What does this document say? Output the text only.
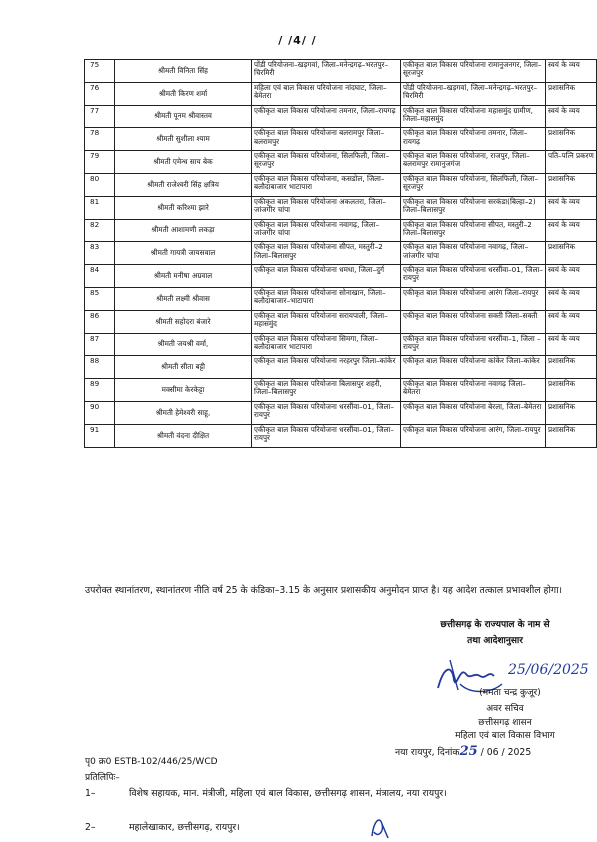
/ /4/ /
75	श्रीमती विनिता सिंह	पोंडी परियोजना–खड़गवां, जिला–मनेन्द्रगढ़–भरतपुर–चिरमिरी	एकीकृत बाल विकास परियोजना रामानुजनगर, जिला–सूरजपुर	स्वयं के व्यय
76	श्रीमती किरण शर्मा	महिला एवं बाल विकास परियोजना नांदघाट, जिला– बेमेतरा	पोंडी परियोजना–खड़गवां, जिला–मनेन्द्रगढ़–भरतपुर–चिरमिरी	प्रशासनिक
77	श्रीमती पूनम श्रीवास्तव	एकीकृत बाल विकास परियोजना तमनार, जिला–रायगढ़	एकीकृत बाल विकास परियोजना महासमुंद ग्रामीण, जिला–महासमुंद	स्वयं के व्यय
78	श्रीमती सुशीला श्याम	एकीकृत बाल विकास परियोजना बलरामपुर जिला– बलरामपुर	एकीकृत बाल विकास परियोजना तमनार, जिला–रायगढ़	प्रशासनिक
79	श्रीमती एमेन्ध साय बेक	एकीकृत बाल विकास परियोजना, सिलफिली, जिला–सूरजपुर	एकीकृत बाल विकास परियोजना, राजपुर, जिला–बलरामपुर रामानुजगंज	पति–पत्नि प्रकरण
80	श्रीमती राजेश्वरी सिंह क्षत्रिय	एकीकृत बाल विकास परियोजना, कसडोल, जिला– बलौदाबाजार भाटापारा	एकीकृत बाल विकास परियोजना, सिलफिली, जिला–सूरजपुर	प्रशासनिक
81	श्रीमती करिश्मा झारे	एकीकृत बाल विकास परियोजना अकलतरा, जिला–जांजगीर चांपा	एकीकृत बाल विकास परियोजना सरकंडा(बिल्हा–2) जिला–बिलासपुर	स्वयं के व्यय
82	श्रीमती आशामणी लकड़ा	एकीकृत बाल विकास परियोजना नवागढ़, जिला–जांजगीर चांपा	एकीकृत बाल विकास परियोजना सीपत, मस्तुरी–2 जिला–बिलासपुर	स्वयं के व्यय
83	श्रीमती गायत्री जायसवाल	एकीकृत बाल विकास परियोजना सीपत, मस्तुरी–2 जिला–बिलासपुर	एकीकृत बाल विकास परियोजना नवागढ़, जिला–जांजगीर चांपा	प्रशासनिक
84	श्रीमती मनीषा अग्रवाल	एकीकृत बाल विकास परियोजना धमधा, जिला–दुर्ग	एकीकृत बाल विकास परियोजना धरसींवा–01, जिला–रायपुर	स्वयं के व्यय
85	श्रीमती लक्ष्मी श्रीवास	एकीकृत बाल विकास परियोजना सोनाखान, जिला–बलौदाबाजार–भाटापारा	एकीकृत बाल विकास परियोजना आरंग जिला–रायपुर	स्वयं के व्यय
86	श्रीमती सहोदरा बंजारे	एकीकृत बाल विकास परियोजना सरायपाली, जिला–महासमुंद	एकीकृत बाल विकास परियोजना सक्ती जिला–सक्ती	स्वयं के व्यय
87	श्रीमती जयश्री वर्मा,	एकीकृत बाल विकास परियोजना सिमगा, जिला–बलौदाबाजार भाटापारा	एकीकृत बाल विकास परियोजना धरसींवा–1, जिला – रायपुर	स्वयं के व्यय
88	श्रीमती सीता बट्टी	एकीकृत बाल विकास परियोजना नरहरपुर जिला–कांकेर	एकीकृत बाल विकास परियोजना कांकेर जिला–कांकेर	प्रशासनिक
89	मक्सीमा केरकेट्टा	एकीकृत बाल विकास परियोजना बिलासपुर शहरी, जिला–बिलासपुर	एकीकृत बाल विकास परियोजना नवागढ़ जिला–बेमेतरा	प्रशासनिक
90	श्रीमती हेमेश्वरी साहू,	एकीकृत बाल विकास परियोजना धरसींवा–01, जिला–रायपुर	एकीकृत बाल विकास परियोजना बेरला, जिला–बेमेतरा	प्रशासनिक
91	श्रीमती वंदना दीक्षित	एकीकृत बाल विकास परियोजना धरसींवा–01, जिला–रायपुर	एकीकृत बाल विकास परियोजना आरंग, जिला–रायपुर	प्रशासनिक
उपरोक्त स्थानांतरण, स्थानांतरण नीति वर्ष 25 के कंडिका–3.15 के अनुसार प्रशासकीय अनुमोदन प्राप्त है। यह आदेश तत्काल प्रभावशील होगा।
छत्तीसगढ़ के राज्यपाल के नाम से
तथा आदेशानुसार
25/06/2025
(ममता चन्द्र कुजूर)
अवर सचिव
छत्तीसगढ़ शासन
महिला एवं बाल विकास विभाग
पृ0 क्र0 ESTB-102/446/25/WCD
नया रायपुर, दिनांक25 / 06 / 2025
प्रतिलिपिः–
1–	विशेष सहायक, मान. मंत्रीजी, महिला एवं बाल विकास, छत्तीसगढ़ शासन, मंत्रालय, नया रायपुर।
2–	महालेखाकार, छत्तीसगढ़, रायपुर।
